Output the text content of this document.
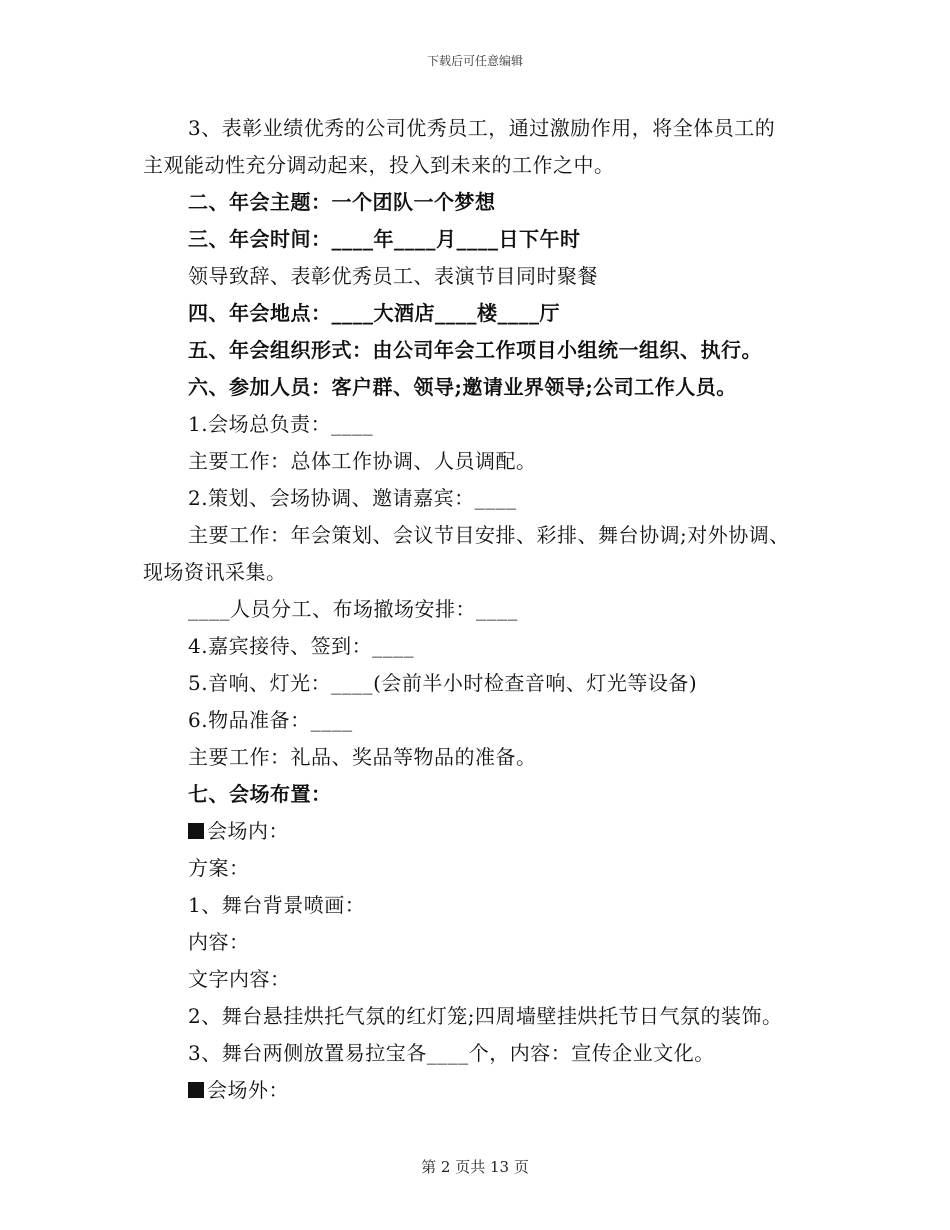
下载后可任意编辑
3、表彰业绩优秀的公司优秀员工，通过激励作用，将全体员工的
主观能动性充分调动起来，投入到未来的工作之中。
二、年会主题：一个团队一个梦想
三、年会时间：____年____月____日下午时
领导致辞、表彰优秀员工、表演节目同时聚餐
四、年会地点：____大酒店____楼____厅
五、年会组织形式：由公司年会工作项目小组统一组织、执行。
六、参加人员：客户群、领导;邀请业界领导;公司工作人员。
1.会场总负责：____
主要工作：总体工作协调、人员调配。
2.策划、会场协调、邀请嘉宾：____
主要工作：年会策划、会议节目安排、彩排、舞台协调;对外协调、
现场资讯采集。
____人员分工、布场撤场安排：____
4.嘉宾接待、签到：____
5.音响、灯光：____(会前半小时检查音响、灯光等设备)
6.物品准备：____
主要工作：礼品、奖品等物品的准备。
七、会场布置：
会场内：
方案：
1、舞台背景喷画：
内容：
文字内容：
2、舞台悬挂烘托气氛的红灯笼;四周墙壁挂烘托节日气氛的装饰。
3、舞台两侧放置易拉宝各____个，内容：宣传企业文化。
会场外：
第 2 页共 13 页
